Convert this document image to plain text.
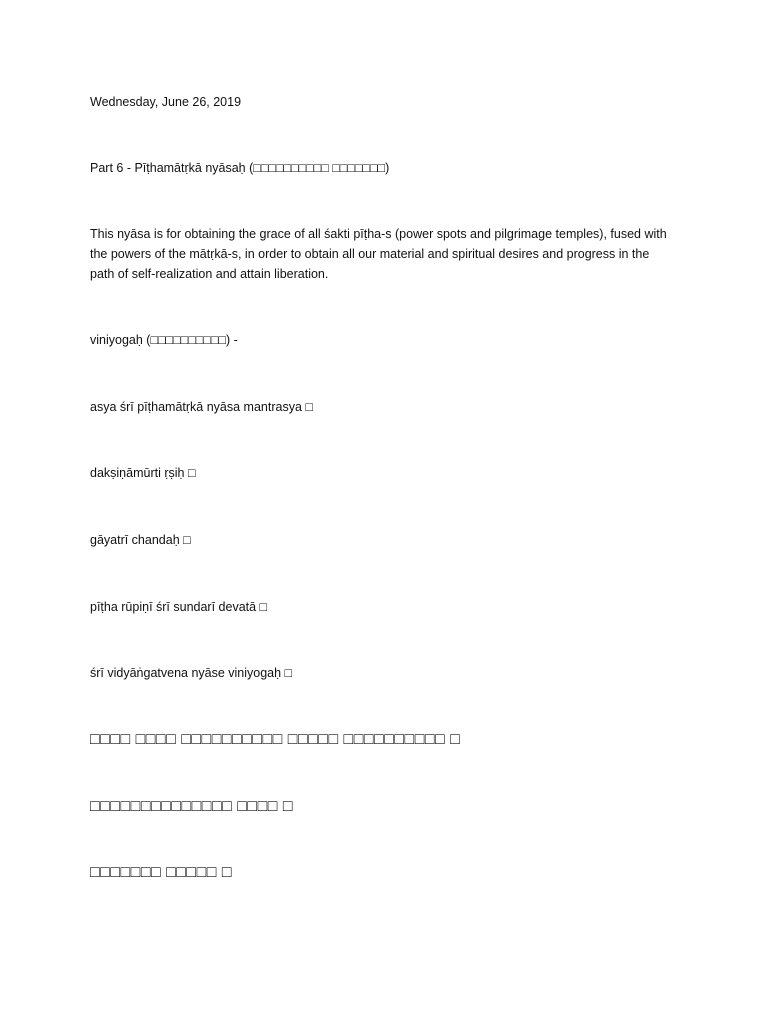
Wednesday, June 26, 2019
Part 6 - Pīṭhamātṛkā nyāsaḥ (□□□□□□□□□□ □□□□□□□)
This nyāsa is for obtaining the grace of all śakti pīṭha-s (power spots and pilgrimage temples), fused with
the powers of the mātṛkā-s, in order to obtain all our material and spiritual desires and progress in the
path of self-realization and attain liberation.
viniyogaḥ (□□□□□□□□□□) -
asya śrī pīṭhamātṛkā nyāsa mantrasya □
dakṣiṇāmūrti ṛṣiḥ □
gāyatrī chandaḥ □
pīṭha rūpiṇī śrī sundarī devatā □
śrī vidyāṅgatvena nyāse viniyogaḥ □
□□□□ □□□□ □□□□□□□□□□ □□□□□ □□□□□□□□□□ □
□□□□□□□□□□□□□□ □□□□ □
□□□□□□□ □□□□□ □
